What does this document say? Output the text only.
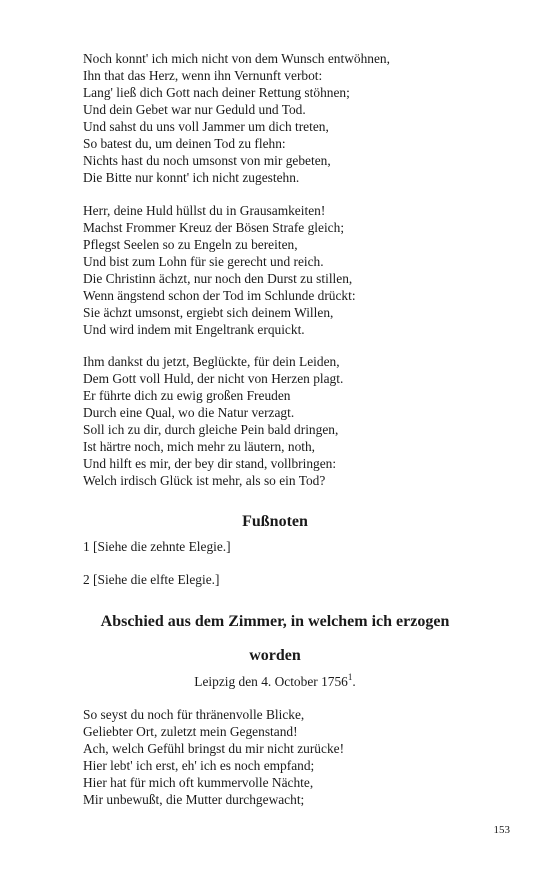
Noch konnt' ich mich nicht von dem Wunsch entwöhnen,
Ihn that das Herz, wenn ihn Vernunft verbot:
Lang' ließ dich Gott nach deiner Rettung stöhnen;
Und dein Gebet war nur Geduld und Tod.
Und sahst du uns voll Jammer um dich treten,
So batest du, um deinen Tod zu flehn:
Nichts hast du noch umsonst von mir gebeten,
Die Bitte nur konnt' ich nicht zugestehn.
Herr, deine Huld hüllst du in Grausamkeiten!
Machst Frommer Kreuz der Bösen Strafe gleich;
Pflegst Seelen so zu Engeln zu bereiten,
Und bist zum Lohn für sie gerecht und reich.
Die Christinn ächzt, nur noch den Durst zu stillen,
Wenn ängstend schon der Tod im Schlunde drückt:
Sie ächzt umsonst, ergiebt sich deinem Willen,
Und wird indem mit Engeltrank erquickt.
Ihm dankst du jetzt, Beglückte, für dein Leiden,
Dem Gott voll Huld, der nicht von Herzen plagt.
Er führte dich zu ewig großen Freuden
Durch eine Qual, wo die Natur verzagt.
Soll ich zu dir, durch gleiche Pein bald dringen,
Ist härtre noch, mich mehr zu läutern, noth,
Und hilft es mir, der bey dir stand, vollbringen:
Welch irdisch Glück ist mehr, als so ein Tod?
Fußnoten
1 [Siehe die zehnte Elegie.]
2 [Siehe die elfte Elegie.]
Abschied aus dem Zimmer, in welchem ich erzogen
worden
Leipzig den 4. October 1756$^1$.
So seyst du noch für thränenvolle Blicke,
Geliebter Ort, zuletzt mein Gegenstand!
Ach, welch Gefühl bringst du mir nicht zurücke!
Hier lebt' ich erst, eh' ich es noch empfand;
Hier hat für mich oft kummervolle Nächte,
Mir unbewußt, die Mutter durchgewacht;
153
